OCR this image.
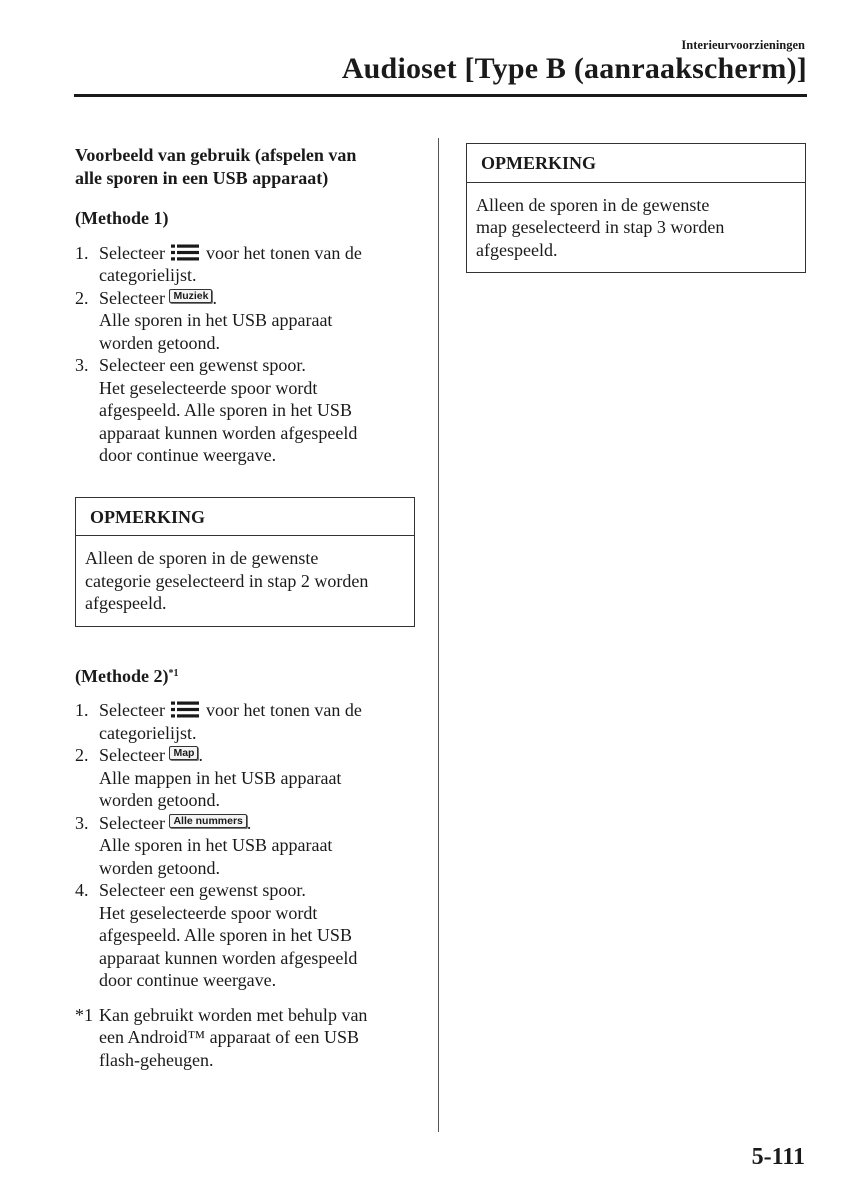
Interieurvoorzieningen
Audioset [Type B (aanraakscherm)]
Voorbeeld van gebruik (afspelen van
alle sporen in een USB apparaat)
(Methode 1)
1. Selecteer voor het tonen van de
categorielijst.
2. Selecteer Muziek .
Alle sporen in het USB apparaat
worden getoond.
3. Selecteer een gewenst spoor.
Het geselecteerde spoor wordt
afgespeeld. Alle sporen in het USB
apparaat kunnen worden afgespeeld
door continue weergave.
OPMERKING
Alleen de sporen in de gewenste
categorie geselecteerd in stap 2 worden
afgespeeld.
(Methode 2)$^{*1}$
1. Selecteer voor het tonen van de
categorielijst.
2. Selecteer Map .
Alle mappen in het USB apparaat
worden getoond.
3. Selecteer Alle nummers .
Alle sporen in het USB apparaat
worden getoond.
4. Selecteer een gewenst spoor.
Het geselecteerde spoor wordt
afgespeeld. Alle sporen in het USB
apparaat kunnen worden afgespeeld
door continue weergave.
*1 Kan gebruikt worden met behulp van
een Android™ apparaat of een USB
flash-geheugen.
OPMERKING
Alleen de sporen in de gewenste
map geselecteerd in stap 3 worden
afgespeeld.
5-111
